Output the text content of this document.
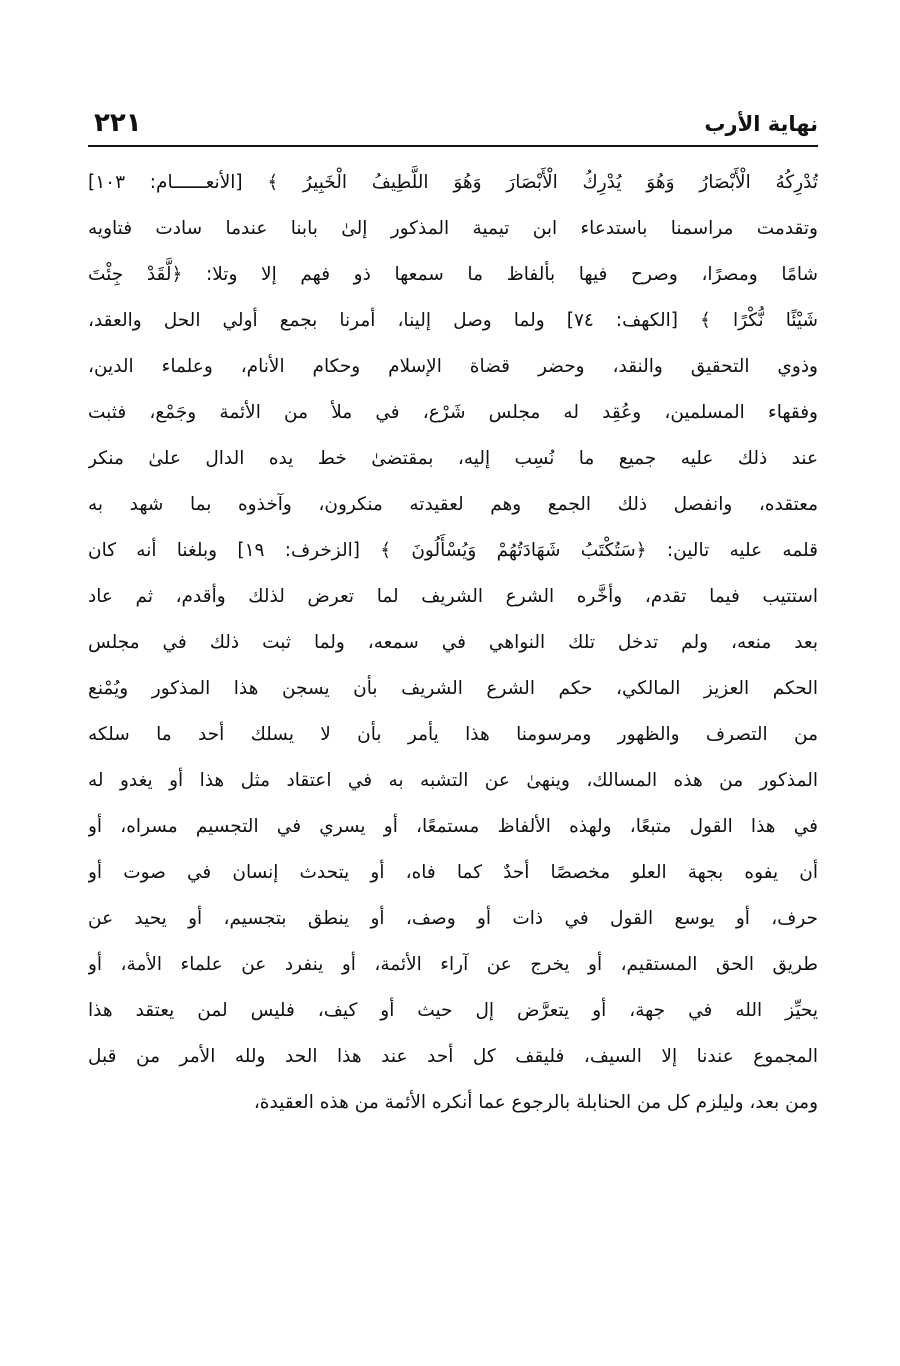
نهاية الأرب
٢٢١
تُدْرِكُهُ الْأَبْصَارُ وَهُوَ يُدْرِكُ الْأَبْصَارَ وَهُوَ اللَّطِيفُ الْخَبِيرُ ﴾ [الأنعــــــام: ١٠٣]
وتقدمت مراسمنا باستدعاء ابن تيمية المذكور إلىٰ بابنا عندما سادت فتاويه
شامًا ومصرًا، وصرح فيها بألفاظ ما سمعها ذو فهم إلا وتلا: ﴿لَّقَدْ جِئْتَ
شَيْئًا نُّكْرًا ﴾ [الكهف: ٧٤] ولما وصل إلينا، أمرنا بجمع أولي الحل والعقد،
وذوي التحقيق والنقد، وحضر قضاة الإسلام وحكام الأنام، وعلماء الدين،
وفقهاء المسلمين، وعُقِد له مجلس شَرْع، في ملأ من الأئمة وجَمْع، فثبت
عند ذلك عليه جميع ما نُسِب إليه، بمقتضىٰ خط يده الدال علىٰ منكر
معتقده، وانفصل ذلك الجمع وهم لعقيدته منكرون، وآخذوه بما شهد به
قلمه عليه تالين: ﴿سَتُكْتَبُ شَهَادَتُهُمْ وَيُسْأَلُونَ ﴾ [الزخرف: ١٩] وبلغنا أنه كان
استتيب فيما تقدم، وأخَّره الشرع الشريف لما تعرض لذلك وأقدم، ثم عاد
بعد منعه، ولم تدخل تلك النواهي في سمعه، ولما ثبت ذلك في مجلس
الحكم العزيز المالكي، حكم الشرع الشريف بأن يسجن هذا المذكور ويُمْنع
من التصرف والظهور ومرسومنا هذا يأمر بأن لا يسلك أحد ما سلكه
المذكور من هذه المسالك، وينهىٰ عن التشبه به في اعتقاد مثل هذا أو يغدو له
في هذا القول متبعًا، ولهذه الألفاظ مستمعًا، أو يسري في التجسيم مسراه، أو
أن يفوه بجهة العلو مخصصًا أحدٌ كما فاه، أو يتحدث إنسان في صوت أو
حرف، أو يوسع القول في ذات أو وصف، أو ينطق بتجسيم، أو يحيد عن
طريق الحق المستقيم، أو يخرج عن آراء الأئمة، أو ينفرد عن علماء الأمة، أو
يحيِّز الله في جهة، أو يتعرَّض إل حيث أو كيف، فليس لمن يعتقد هذا
المجموع عندنا إلا السيف، فليقف كل أحد عند هذا الحد ولله الأمر من قبل
ومن بعد، وليلزم كل من الحنابلة بالرجوع عما أنكره الأئمة من هذه العقيدة،
